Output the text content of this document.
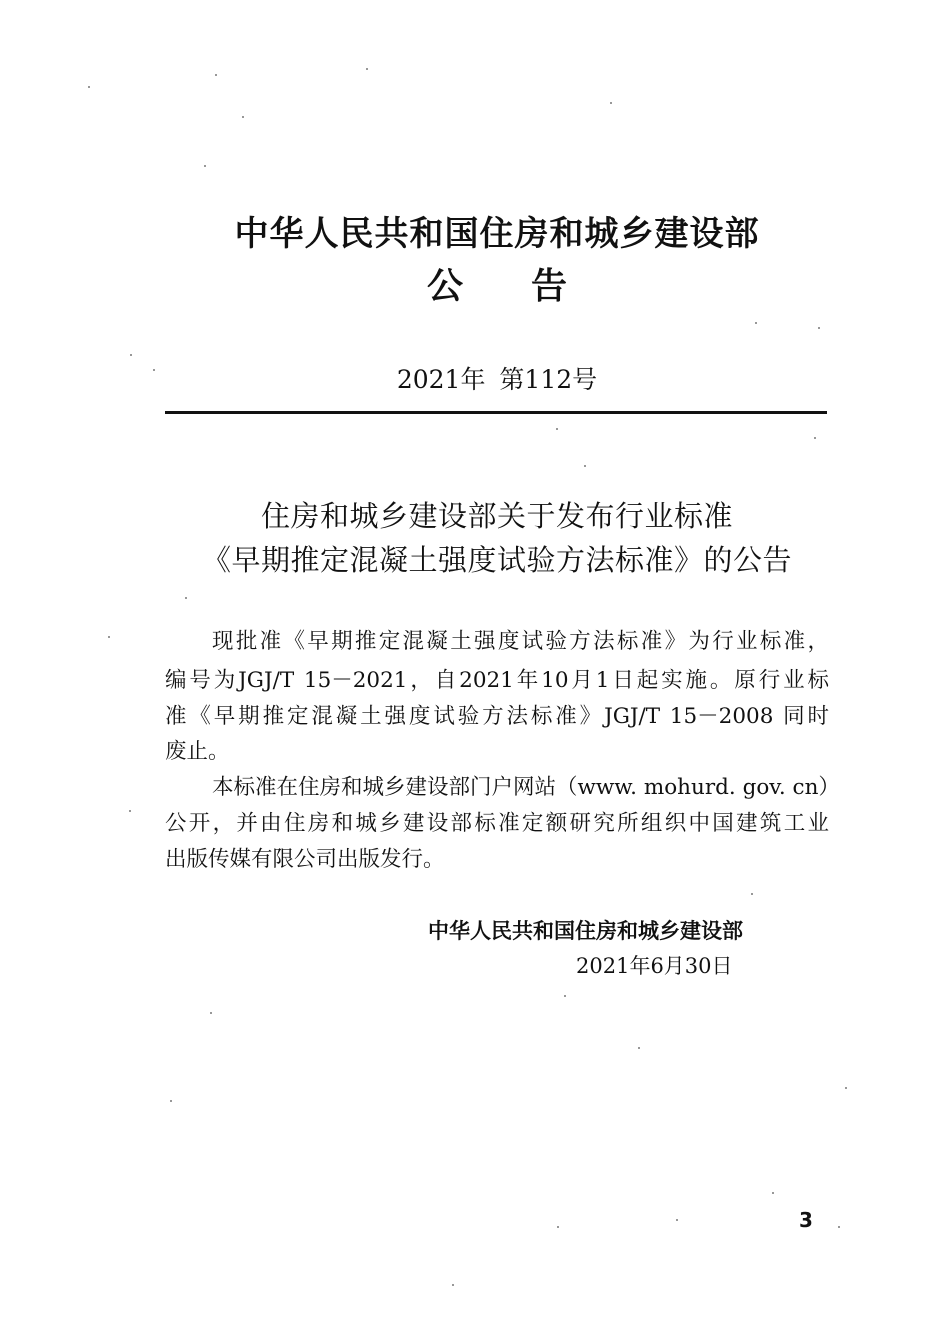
中华人民共和国住房和城乡建设部
公告
2021年 第112号
住房和城乡建设部关于发布行业标准
《早期推定混凝土强度试验方法标准》的公告
现批准《早期推定混凝土强度试验方法标准》为行业标准，
编号为JGJ/T 15－2021，自2021年10月1日起实施。原行业标
准《早期推定混凝土强度试验方法标准》JGJ/T 15－2008 同时
废止。
本标准在住房和城乡建设部门户网站（www. mohurd. gov. cn）
公开，并由住房和城乡建设部标准定额研究所组织中国建筑工业
出版传媒有限公司出版发行。
中华人民共和国住房和城乡建设部
2021年6月30日
3
